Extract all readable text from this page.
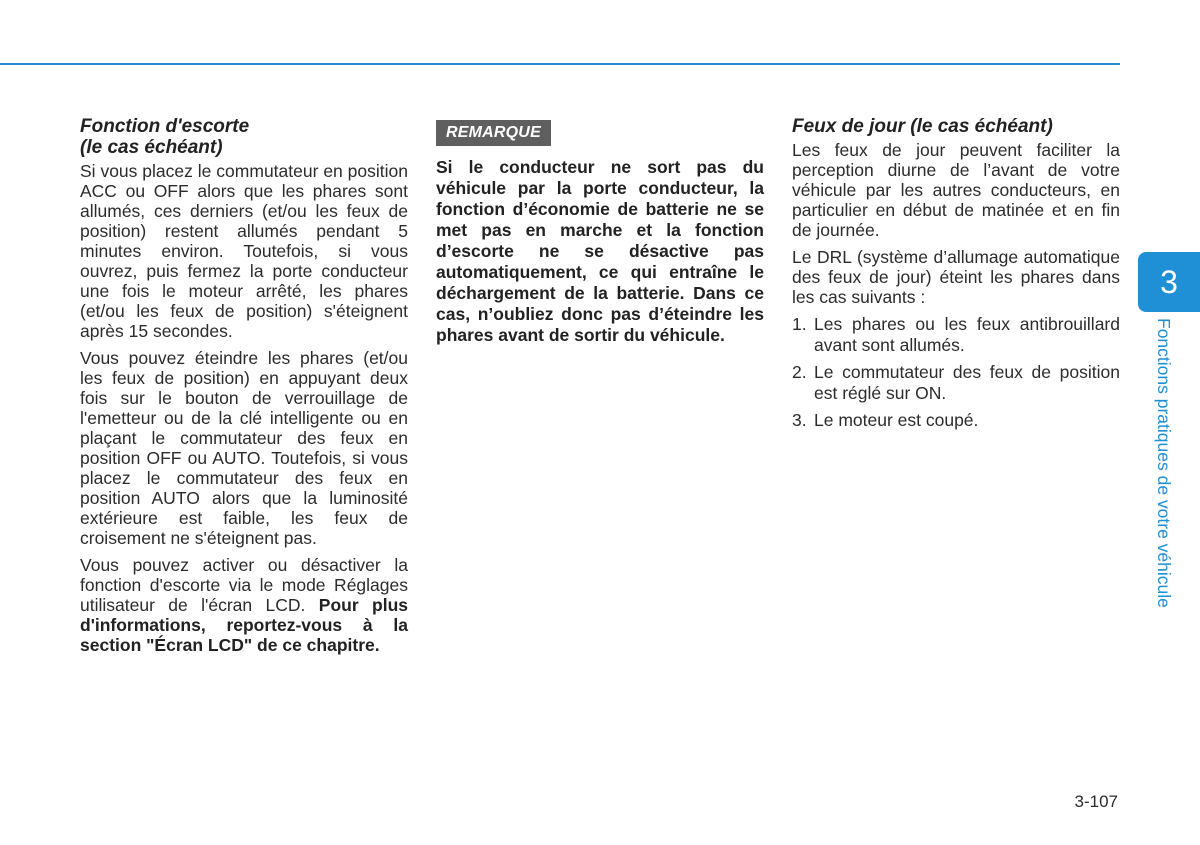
Fonction d'escorte
(le cas échéant)

Si vous placez le commutateur en position ACC ou OFF alors que les phares sont allumés, ces derniers (et/ou les feux de position) restent allumés pendant 5 minutes environ. Toutefois, si vous ouvrez, puis fermez la porte conducteur une fois le moteur arrêté, les phares (et/ou les feux de position) s'éteignent après 15 secondes.

Vous pouvez éteindre les phares (et/ou les feux de position) en appuyant deux fois sur le bouton de verrouillage de l'emetteur ou de la clé intelligente ou en plaçant le commutateur des feux en position OFF ou AUTO. Toutefois, si vous placez le commutateur des feux en position AUTO alors que la luminosité extérieure est faible, les feux de croisement ne s'éteignent pas.

Vous pouvez activer ou désactiver la fonction d'escorte via le mode Réglages utilisateur de l'écran LCD. Pour plus d'informations, reportez-vous à la section "Écran LCD" de ce chapitre.

REMARQUE

Si le conducteur ne sort pas du véhicule par la porte conducteur, la fonction d’économie de batterie ne se met pas en marche et la fonction d’escorte ne se désactive pas automatiquement, ce qui entraîne le déchargement de la batterie. Dans ce cas, n’oubliez donc pas d’éteindre les phares avant de sortir du véhicule.

Feux de jour (le cas échéant)

Les feux de jour peuvent faciliter la perception diurne de l’avant de votre véhicule par les autres conducteurs, en particulier en début de matinée et en fin de journée.

Le DRL (système d’allumage automatique des feux de jour) éteint les phares dans les cas suivants :

1. Les phares ou les feux antibrouillard avant sont allumés.
2. Le commutateur des feux de position est réglé sur ON.
3. Le moteur est coupé.
3
Fonctions pratiques de votre véhicule
3-107
